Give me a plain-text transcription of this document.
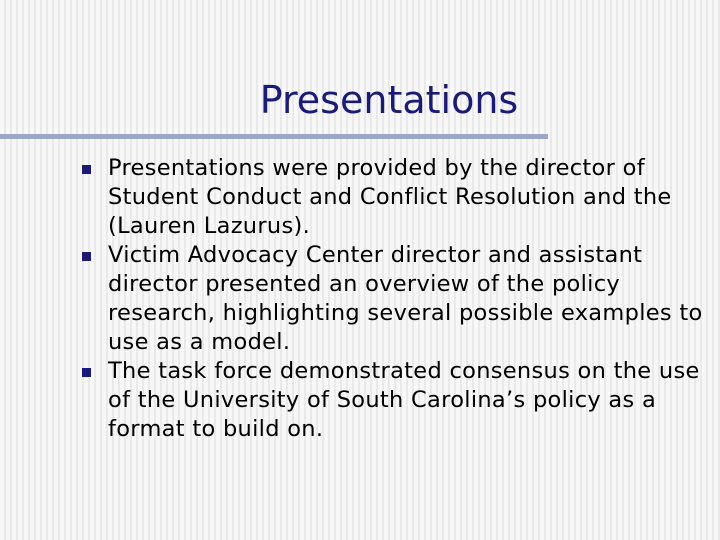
Presentations
Presentations were provided by the director of Student Conduct and Conflict Resolution and the (Lauren Lazurus).
Victim Advocacy Center director and assistant director presented an overview of the policy research, highlighting several possible examples to use as a model.
The task force demonstrated consensus on the use of the University of South Carolina’s policy as a format to build on.
